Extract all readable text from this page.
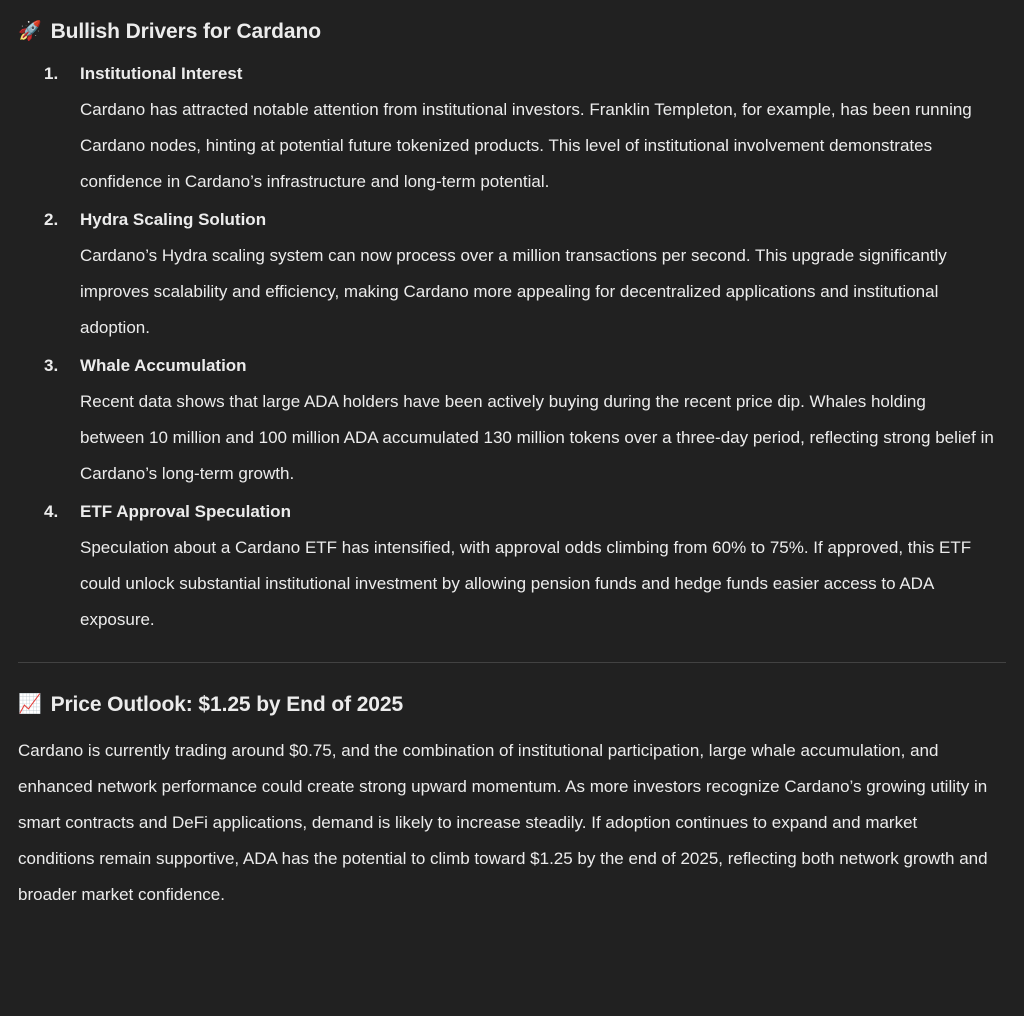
🚀 Bullish Drivers for Cardano
1.	Institutional Interest

Cardano has attracted notable attention from institutional investors. Franklin Templeton, for example, has been running Cardano nodes, hinting at potential future tokenized products. This level of institutional involvement demonstrates confidence in Cardano’s infrastructure and long-term potential.

2.	Hydra Scaling Solution

Cardano’s Hydra scaling system can now process over a million transactions per second. This upgrade significantly improves scalability and efficiency, making Cardano more appealing for decentralized applications and institutional adoption.

3.	Whale Accumulation

Recent data shows that large ADA holders have been actively buying during the recent price dip. Whales holding between 10 million and 100 million ADA accumulated 130 million tokens over a three-day period, reflecting strong belief in Cardano’s long-term growth.

4.	ETF Approval Speculation

Speculation about a Cardano ETF has intensified, with approval odds climbing from 60% to 75%. If approved, this ETF could unlock substantial institutional investment by allowing pension funds and hedge funds easier access to ADA exposure.

📈 Price Outlook: $1.25 by End of 2025

Cardano is currently trading around $0.75, and the combination of institutional participation, large whale accumulation, and enhanced network performance could create strong upward momentum. As more investors recognize Cardano’s growing utility in smart contracts and DeFi applications, demand is likely to increase steadily. If adoption continues to expand and market conditions remain supportive, ADA has the potential to climb toward $1.25 by the end of 2025, reflecting both network growth and broader market confidence.
